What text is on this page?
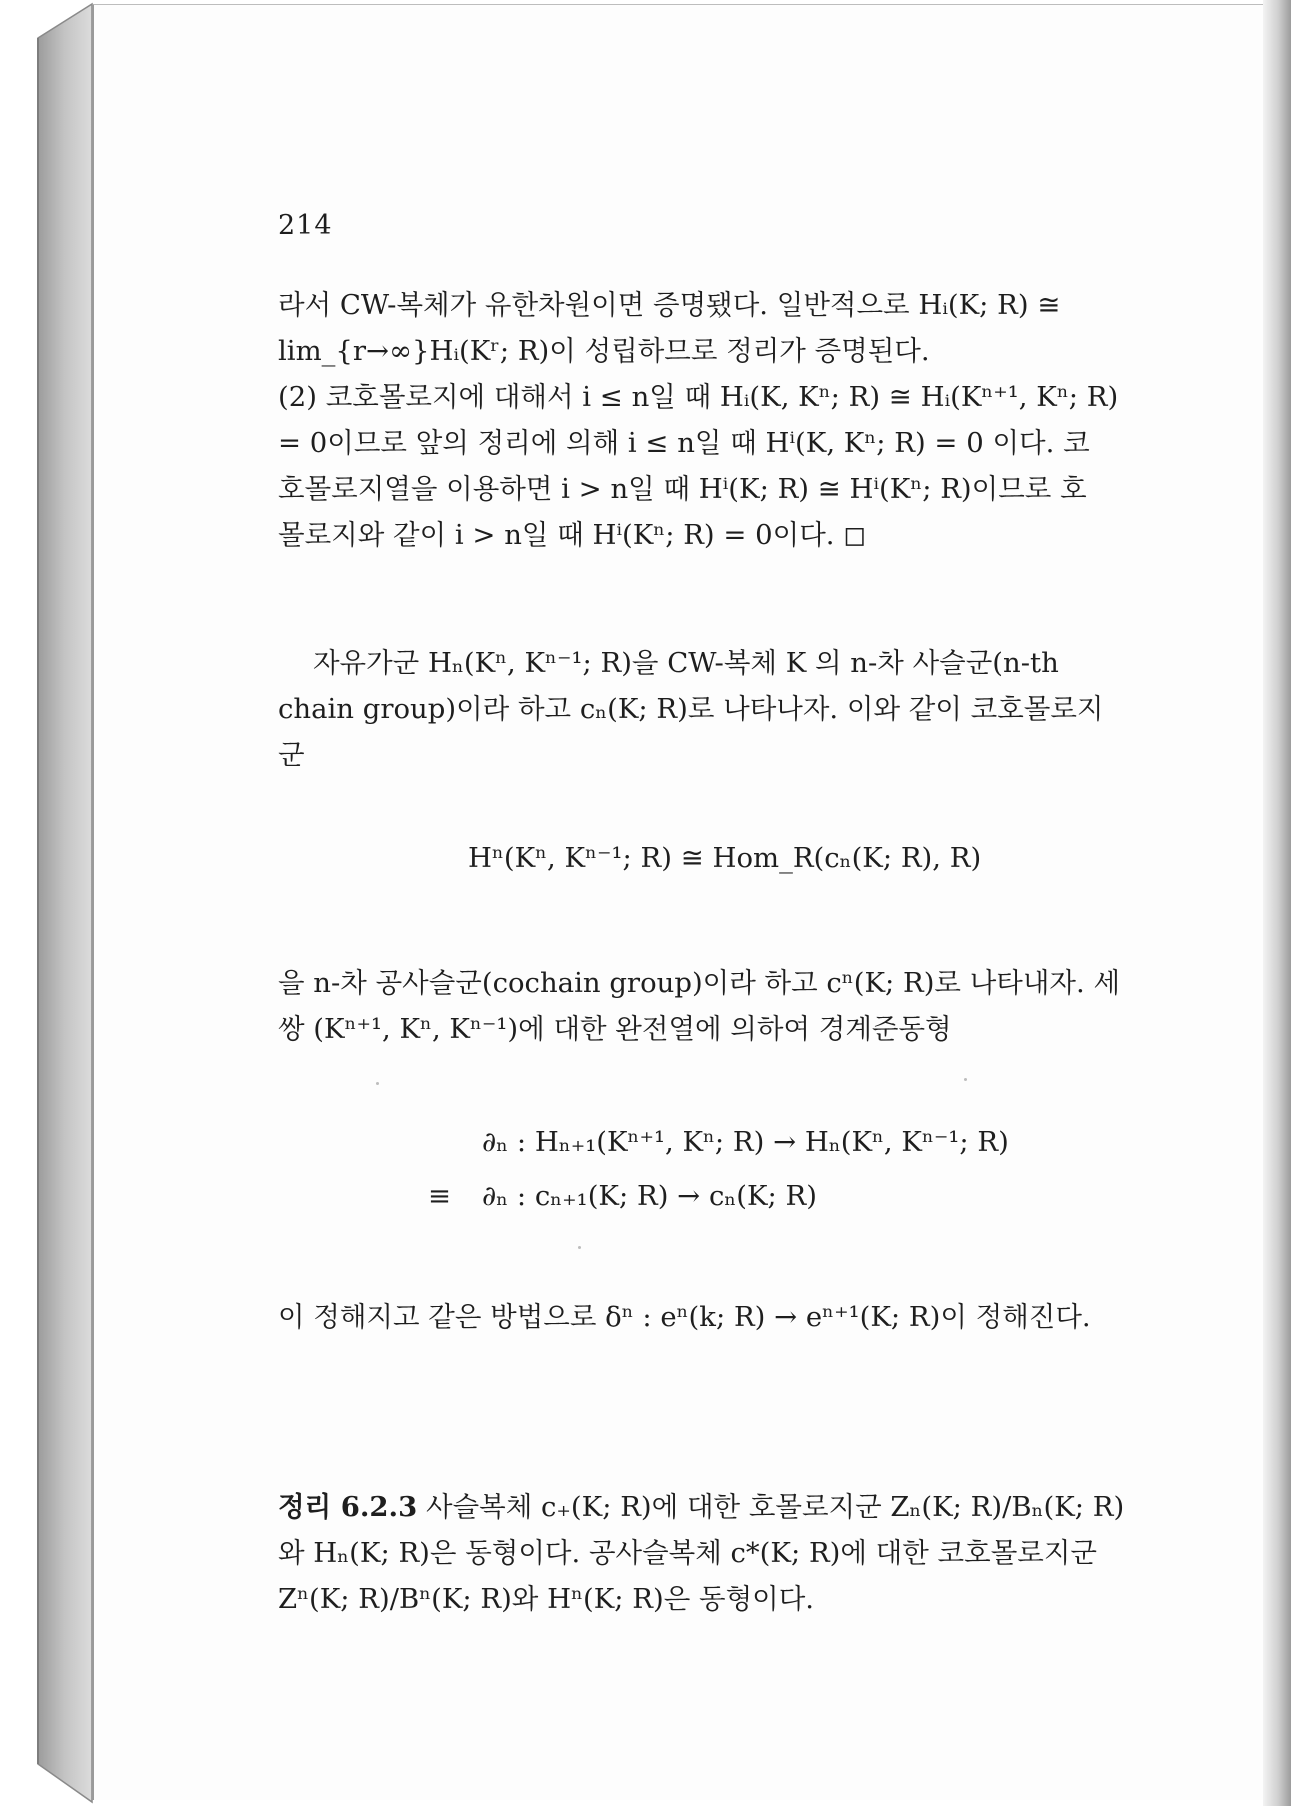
214

라서 CW-복체가 유한차원이면 증명됐다. 일반적으로 Hᵢ(K; R) ≅
lim_{r→∞}Hᵢ(Kʳ; R)이 성립하므로 정리가 증명된다.
(2) 코호몰로지에 대해서 i ≤ n일 때 Hᵢ(K, Kⁿ; R) ≅ Hᵢ(Kⁿ⁺¹, Kⁿ; R)
= 0이므로 앞의 정리에 의해 i ≤ n일 때 Hⁱ(K, Kⁿ; R) = 0 이다. 코
호몰로지열을 이용하면 i > n일 때 Hⁱ(K; R) ≅ Hⁱ(Kⁿ; R)이므로 호
몰로지와 같이 i > n일 때 Hⁱ(Kⁿ; R) = 0이다. ◻

자유가군 Hₙ(Kⁿ, Kⁿ⁻¹; R)을 CW-복체 K 의 n-차 사슬군(n-th
chain group)이라 하고 cₙ(K; R)로 나타나자. 이와 같이 코호몰로지
군

Hⁿ(Kⁿ, Kⁿ⁻¹; R) ≅ Hom_R(cₙ(K; R), R)

을 n-차 공사슬군(cochain group)이라 하고 cⁿ(K; R)로 나타내자. 세
쌍 (Kⁿ⁺¹, Kⁿ, Kⁿ⁻¹)에 대한 완전열에 의하여 경계준동형

∂ₙ : Hₙ₊₁(Kⁿ⁺¹, Kⁿ; R) → Hₙ(Kⁿ, Kⁿ⁻¹; R)
≡ ∂ₙ : cₙ₊₁(K; R) → cₙ(K; R)

이 정해지고 같은 방법으로 δⁿ : eⁿ(k; R) → eⁿ⁺¹(K; R)이 정해진다.

정리 6.2.3 사슬복체 c₊(K; R)에 대한 호몰로지군 Zₙ(K; R)/Bₙ(K; R)
와 Hₙ(K; R)은 동형이다. 공사슬복체 c*(K; R)에 대한 코호몰로지군
Zⁿ(K; R)/Bⁿ(K; R)와 Hⁿ(K; R)은 동형이다.
